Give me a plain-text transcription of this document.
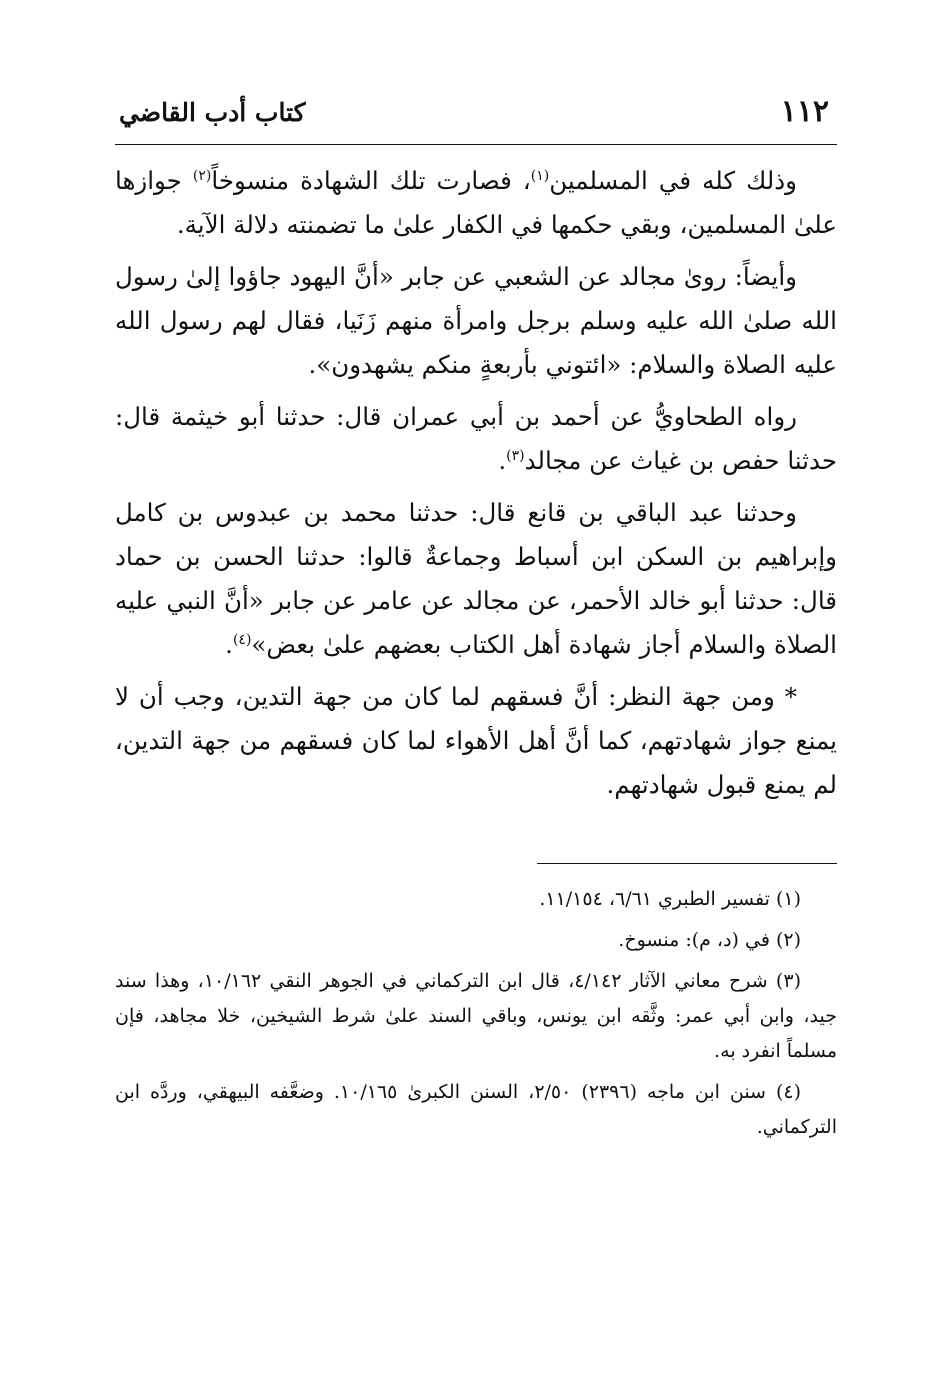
١١٢
كتاب أدب القاضي

وذلك كله في المسلمين$^{(١)}$، فصارت تلك الشهادة منسوخاً$^{(٢)}$ جوازها علىٰ المسلمين، وبقي حكمها في الكفار علىٰ ما تضمنته دلالة الآية.

وأيضاً: روىٰ مجالد عن الشعبي عن جابر «أنَّ اليهود جاؤوا إلىٰ رسول الله صلىٰ الله عليه وسلم برجل وامرأة منهم زَنَيا، فقال لهم رسول الله عليه الصلاة والسلام: «ائتوني بأربعةٍ منكم يشهدون».

رواه الطحاويُّ عن أحمد بن أبي عمران قال: حدثنا أبو خيثمة قال: حدثنا حفص بن غياث عن مجالد$^{(٣)}$.

وحدثنا عبد الباقي بن قانع قال: حدثنا محمد بن عبدوس بن كامل وإبراهيم بن السكن ابن أسباط وجماعةٌ قالوا: حدثنا الحسن بن حماد قال: حدثنا أبو خالد الأحمر، عن مجالد عن عامر عن جابر «أنَّ النبي عليه الصلاة والسلام أجاز شهادة أهل الكتاب بعضهم علىٰ بعض»$^{(٤)}$.

* ومن جهة النظر: أنَّ فسقهم لما كان من جهة التدين، وجب أن لا يمنع جواز شهادتهم، كما أنَّ أهل الأهواء لما كان فسقهم من جهة التدين، لم يمنع قبول شهادتهم.

(١) تفسير الطبري ٦/٦١، ١١/١٥٤.

(٢) في (د، م): منسوخ.

(٣) شرح معاني الآثار ٤/١٤٢، قال ابن التركماني في الجوهر النقي ١٠/١٦٢، وهذا سند جيد، وابن أبي عمر: وثَّقه ابن يونس، وباقي السند علىٰ شرط الشيخين، خلا مجاهد، فإن مسلماً انفرد به.

(٤) سنن ابن ماجه (٢٣٩٦) ٢/٥٠، السنن الكبرىٰ ١٠/١٦٥. وضعَّفه البيهقي، وردَّه ابن التركماني.
